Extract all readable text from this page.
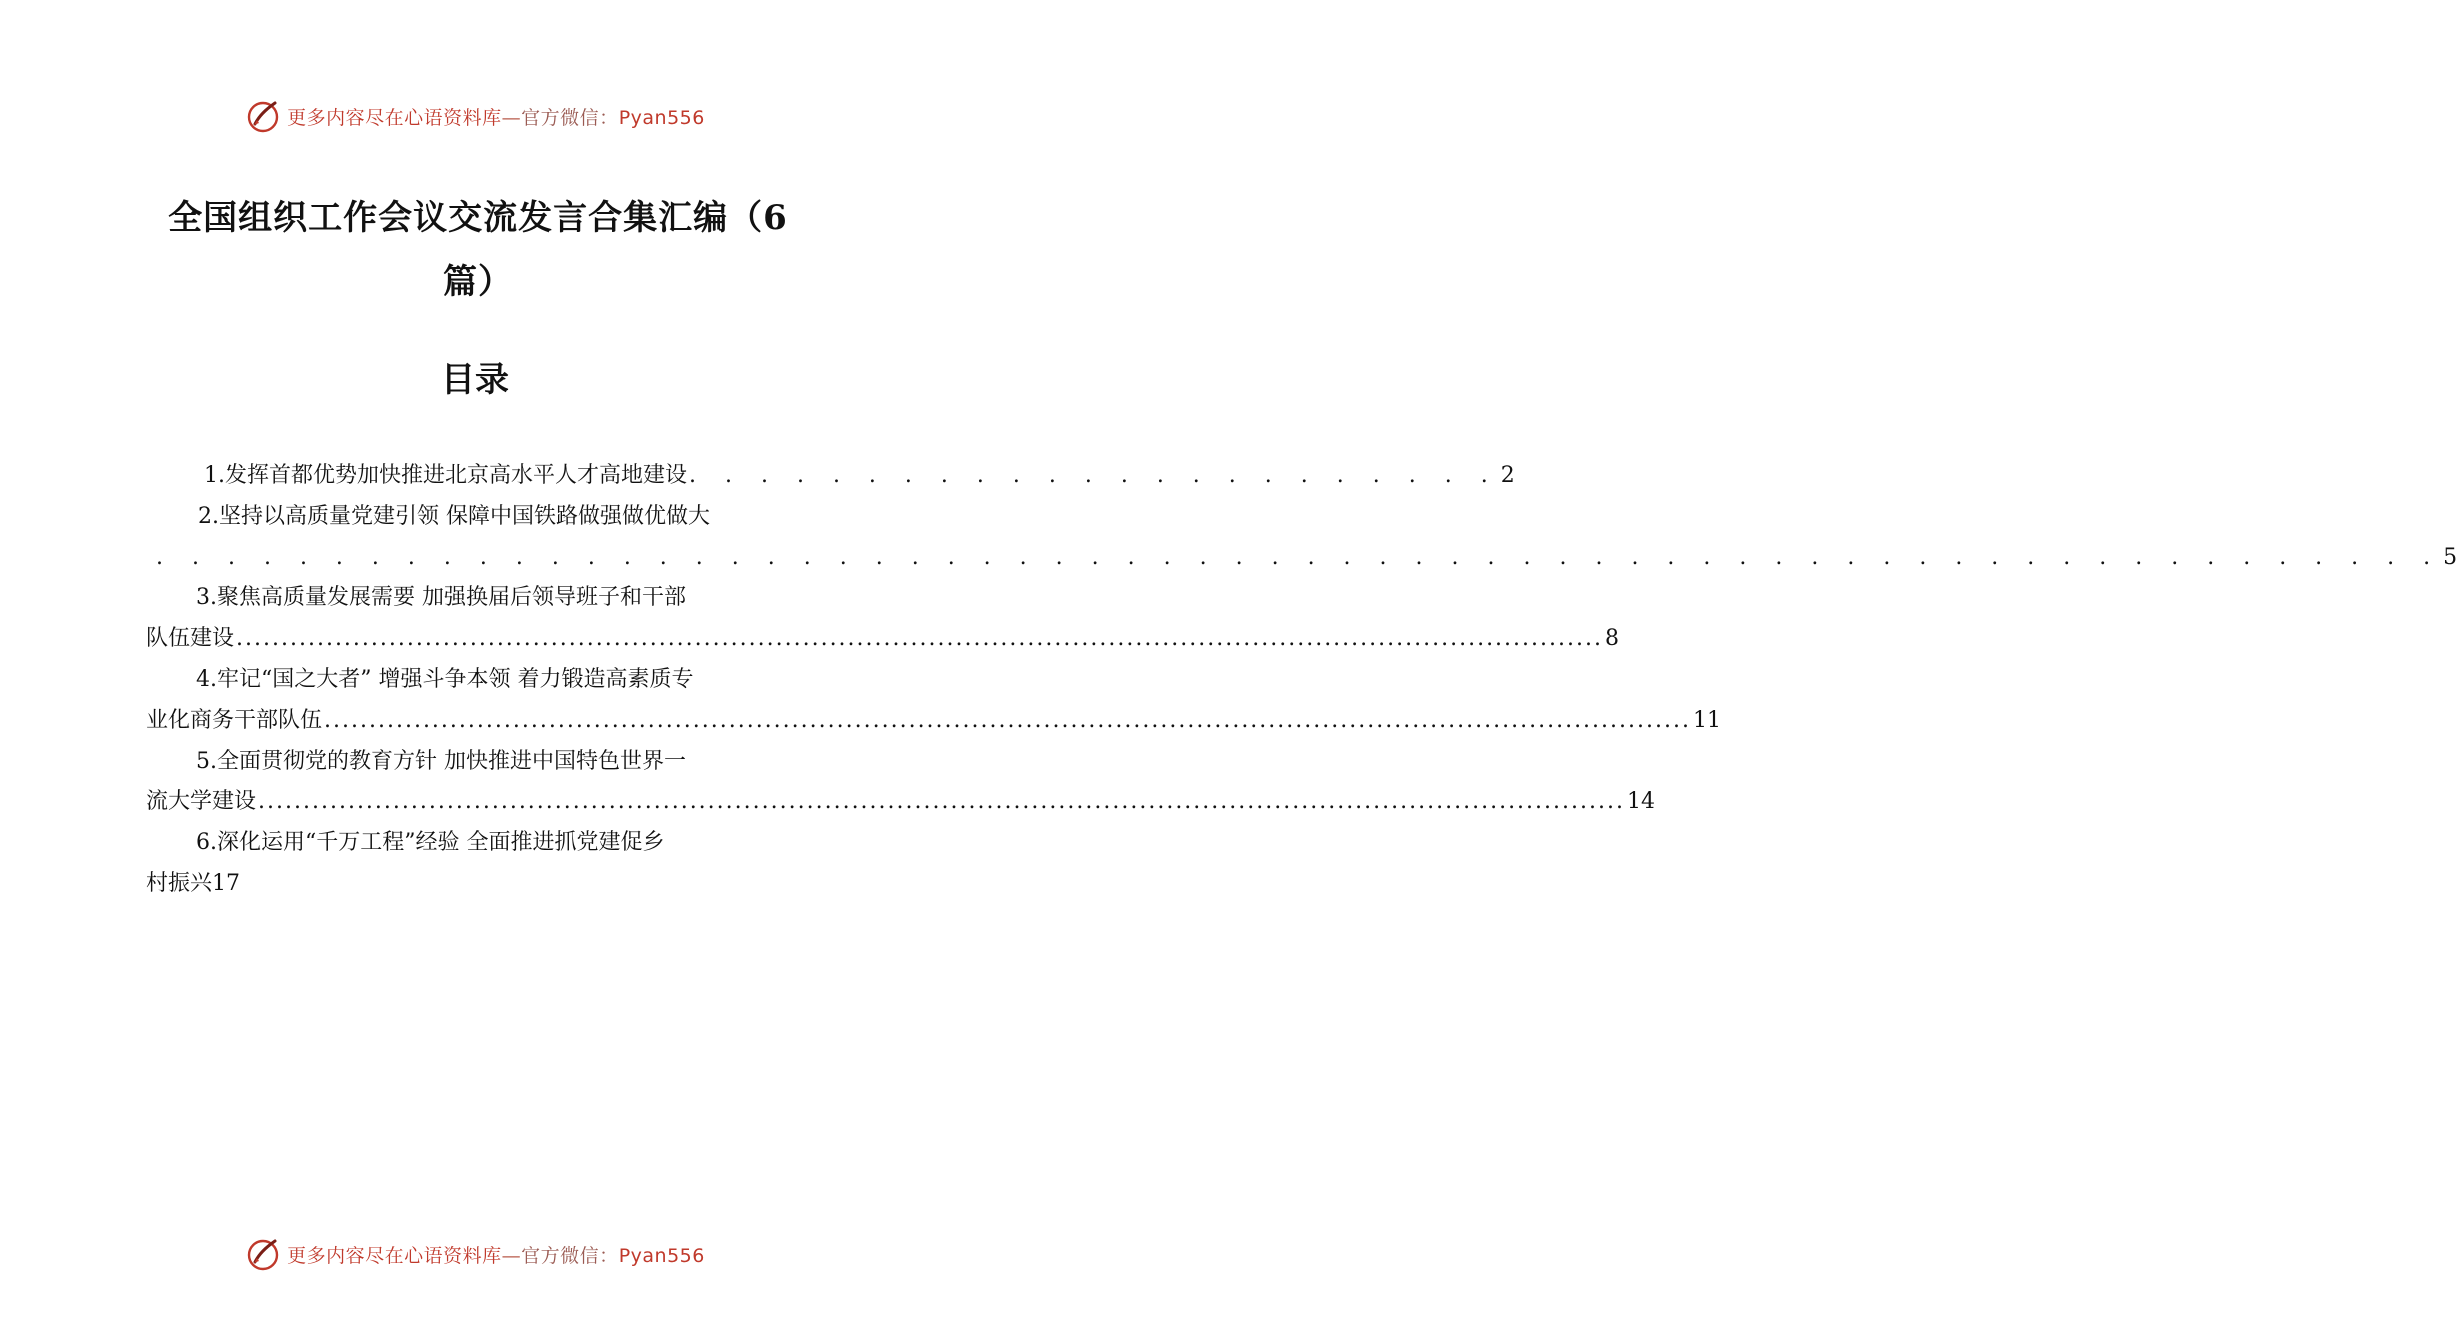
更多内容尽在心语资料库—官方微信：Pyan556
全国组织工作会议交流发言合集汇编（6篇）
目录
1.发挥首都优势加快推进北京高水平人才高地建设 . . . . . . . . . . . . . . . . . . . . . . . 2
2.坚持以高质量党建引领 保障中国铁路做强做优做大
. . . . . . . . . . . . . . . . . . . . . . . . . . . . . . . . . . . . . . . . . . . . . . . . . . . . . . . . . . . . . . . . 5
3.聚焦高质量发展需要 加强换届后领导班子和干部
队伍建设 ........................................................................................................................................................ 8
4.牢记“国之大者” 增强斗争本领 着力锻造高素质专
业化商务干部队伍 ........................................................................................................................................................ 11
5.全面贯彻党的教育方针 加快推进中国特色世界一
流大学建设 ........................................................................................................................................................ 14
6.深化运用“千万工程”经验 全面推进抓党建促乡
村振兴 17
更多内容尽在心语资料库—官方微信：Pyan556
